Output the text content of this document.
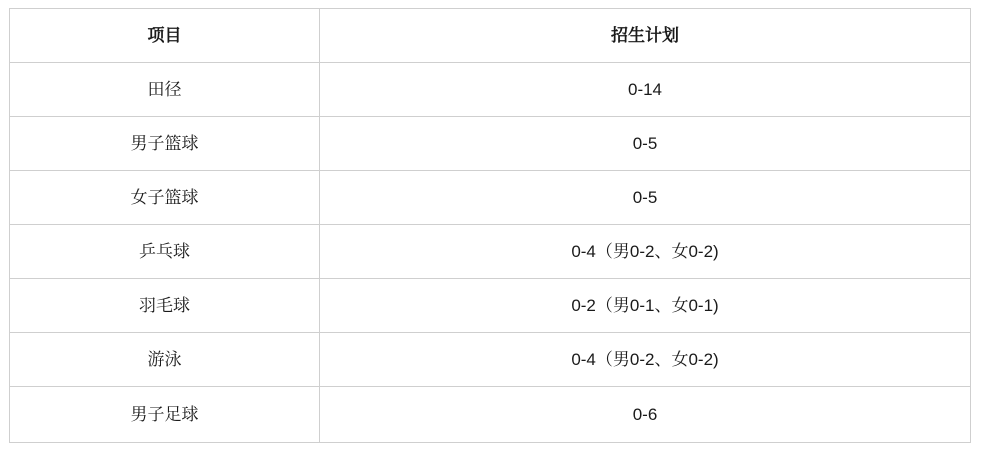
项目	招生计划
田径	0-14
男子篮球	0-5
女子篮球	0-5
乒乓球	0-4（男0-2、女0-2)
羽毛球	0-2（男0-1、女0-1)
游泳	0-4（男0-2、女0-2)
男子足球	0-6
